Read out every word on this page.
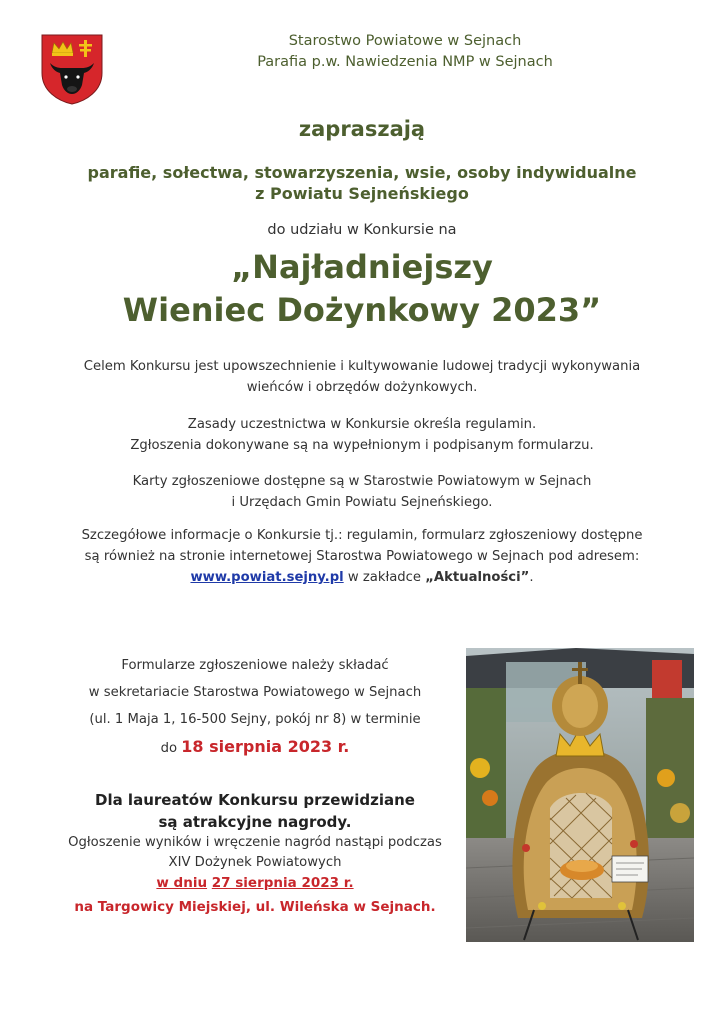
Starostwo Powiatowe w Sejnach
Parafia p.w. Nawiedzenia NMP w Sejnach
zapraszają
parafie, sołectwa, stowarzyszenia, wsie, osoby indywidualne
z Powiatu Sejneńskiego
do udziału w Konkursie na
„Najładniejszy
Wieniec Dożynkowy 2023”
Celem Konkursu jest upowszechnienie i kultywowanie ludowej tradycji wykonywania
wieńców i obrzędów dożynkowych.
Zasady uczestnictwa w Konkursie określa regulamin.
Zgłoszenia dokonywane są na wypełnionym i podpisanym formularzu.
Karty zgłoszeniowe dostępne są w Starostwie Powiatowym w Sejnach
i Urzędach Gmin Powiatu Sejneńskiego.
Szczegółowe informacje o Konkursie tj.: regulamin, formularz zgłoszeniowy dostępne
są również na stronie internetowej Starostwa Powiatowego w Sejnach pod adresem:
www.powiat.sejny.pl w zakładce „Aktualności”.
Formularze zgłoszeniowe należy składać
w sekretariacie Starostwa Powiatowego w Sejnach
(ul. 1 Maja 1, 16-500 Sejny, pokój nr 8) w terminie
do 18 sierpnia 2023 r.
Dla laureatów Konkursu przewidziane
są atrakcyjne nagrody.
Ogłoszenie wyników i wręczenie nagród nastąpi podczas
XIV Dożynek Powiatowych
w dniu 27 sierpnia 2023 r.
na Targowicy Miejskiej, ul. Wileńska w Sejnach.
